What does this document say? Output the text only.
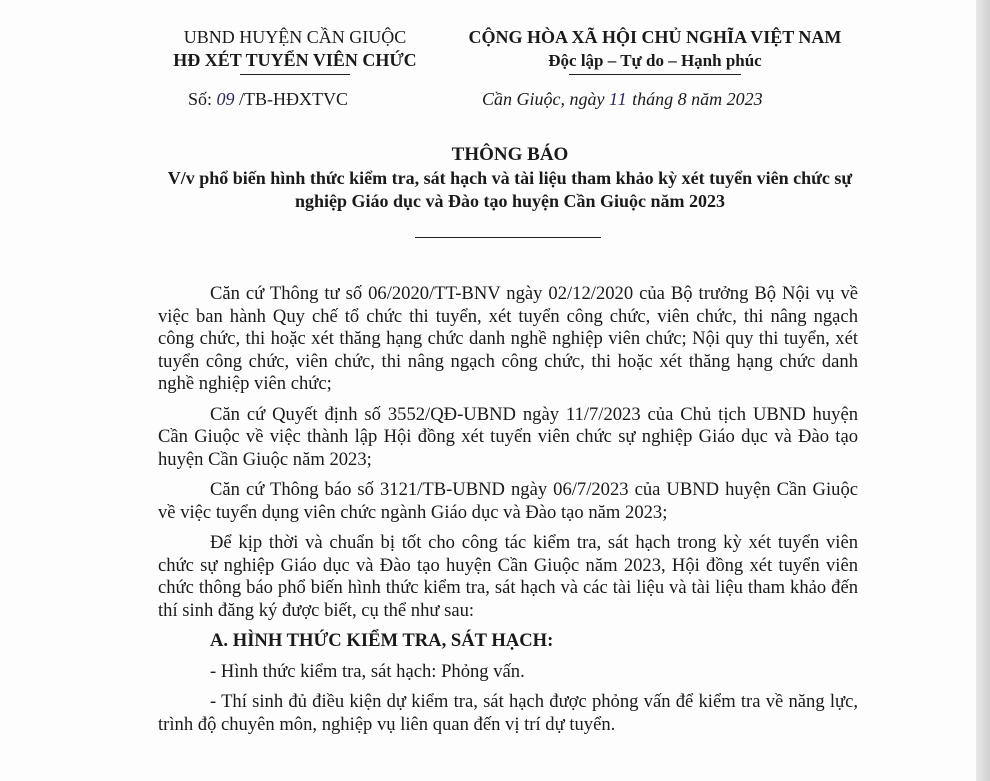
UBND HUYỆN CẦN GIUỘC
HĐ XÉT TUYỂN VIÊN CHỨC
CỘNG HÒA XÃ HỘI CHỦ NGHĨA VIỆT NAM
Độc lập – Tự do – Hạnh phúc
Số: 09 /TB-HĐXTVC	Cần Giuộc, ngày 11 tháng 8 năm 2023
THÔNG BÁO
V/v phổ biến hình thức kiểm tra, sát hạch và tài liệu tham khảo kỳ xét tuyển viên chức sự nghiệp Giáo dục và Đào tạo huyện Cần Giuộc năm 2023

Căn cứ Thông tư số 06/2020/TT-BNV ngày 02/12/2020 của Bộ trưởng Bộ Nội vụ về việc ban hành Quy chế tổ chức thi tuyển, xét tuyển công chức, viên chức, thi nâng ngạch công chức, thi hoặc xét thăng hạng chức danh nghề nghiệp viên chức; Nội quy thi tuyển, xét tuyển công chức, viên chức, thi nâng ngạch công chức, thi hoặc xét thăng hạng chức danh nghề nghiệp viên chức;

Căn cứ Quyết định số 3552/QĐ-UBND ngày 11/7/2023 của Chủ tịch UBND huyện Cần Giuộc về việc thành lập Hội đồng xét tuyển viên chức sự nghiệp Giáo dục và Đào tạo huyện Cần Giuộc năm 2023;

Căn cứ Thông báo số 3121/TB-UBND ngày 06/7/2023 của UBND huyện Cần Giuộc về việc tuyển dụng viên chức ngành Giáo dục và Đào tạo năm 2023;

Để kịp thời và chuẩn bị tốt cho công tác kiểm tra, sát hạch trong kỳ xét tuyển viên chức sự nghiệp Giáo dục và Đào tạo huyện Cần Giuộc năm 2023, Hội đồng xét tuyển viên chức thông báo phổ biến hình thức kiểm tra, sát hạch và các tài liệu và tài liệu tham khảo đến thí sinh đăng ký được biết, cụ thể như sau:

A. HÌNH THỨC KIỂM TRA, SÁT HẠCH:

- Hình thức kiểm tra, sát hạch: Phỏng vấn.

- Thí sinh đủ điều kiện dự kiểm tra, sát hạch được phỏng vấn để kiểm tra về năng lực, trình độ chuyên môn, nghiệp vụ liên quan đến vị trí dự tuyển.
